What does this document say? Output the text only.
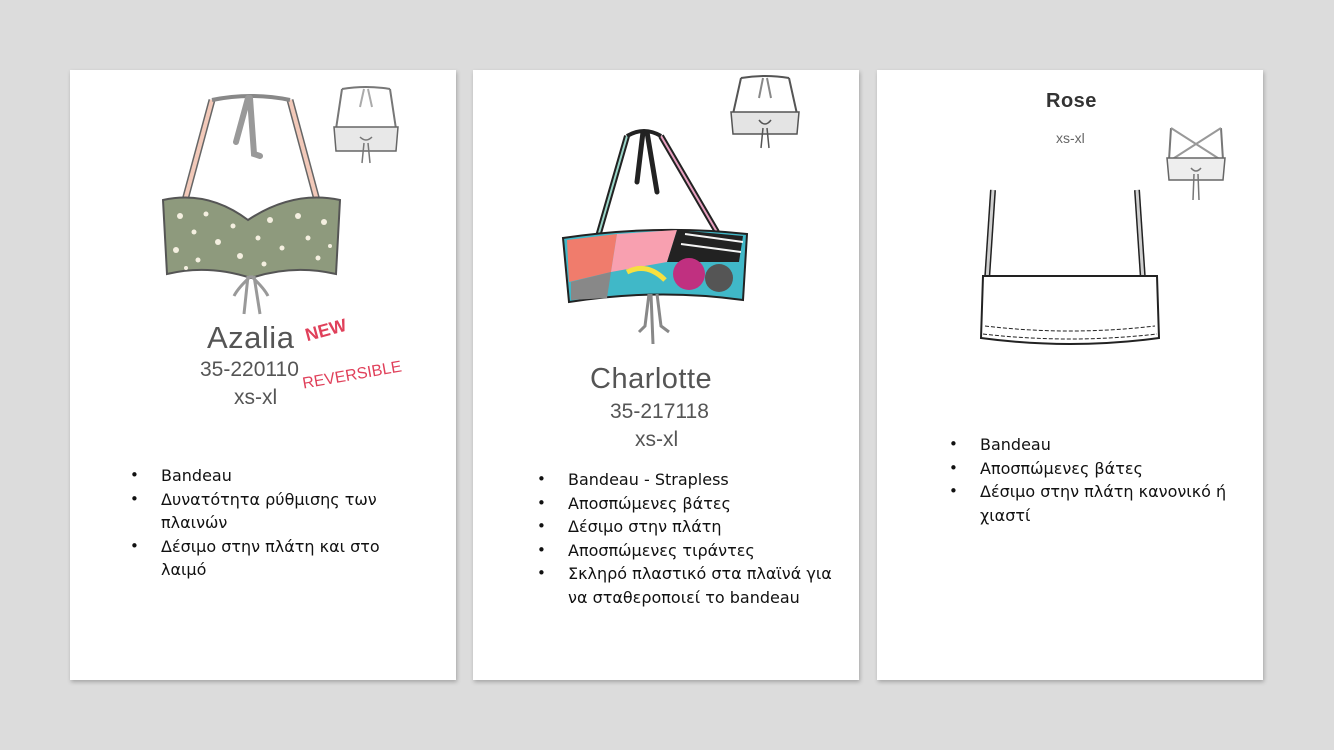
Azalia NEW
35-220110 REVERSIBLE
xs-xl
• Bandeau
• Δυνατότητα ρύθμισης των πλαινών
• Δέσιμο στην πλάτη και στο λαιμό
Charlotte
35-217118
xs-xl
• Bandeau - Strapless
• Αποσπώμενες βάτες
• Δέσιμο στην πλάτη
• Αποσπώμενες τιράντες
• Σκληρό πλαστικό στα πλαϊνά για να σταθεροποιεί το bandeau
Rose
xs-xl
• Bandeau
• Αποσπώμενες βάτες
• Δέσιμο στην πλάτη κανονικό ή χιαστί
